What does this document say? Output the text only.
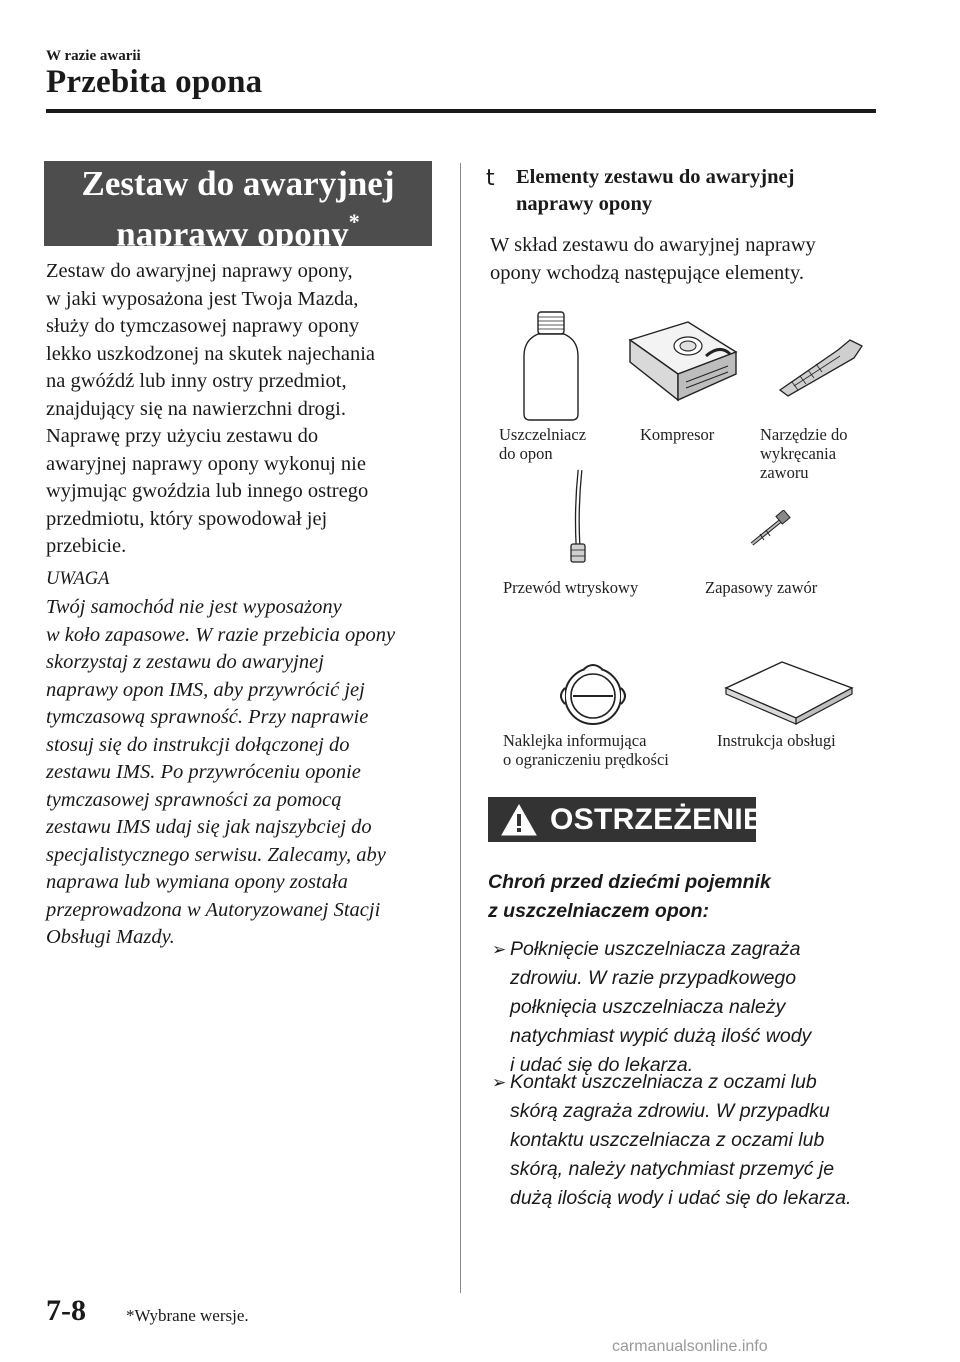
W razie awarii
Przebita opona
Zestaw do awaryjnej
naprawy opony*
Zestaw do awaryjnej naprawy opony,
w jaki wyposażona jest Twoja Mazda,
służy do tymczasowej naprawy opony
lekko uszkodzonej na skutek najechania
na gwóźdź lub inny ostry przedmiot,
znajdujący się na nawierzchni drogi.
Naprawę przy użyciu zestawu do
awaryjnej naprawy opony wykonuj nie
wyjmując gwoździa lub innego ostrego
przedmiotu, który spowodował jej
przebicie.
UWAGA
Twój samochód nie jest wyposażony
w koło zapasowe. W razie przebicia opony
skorzystaj z zestawu do awaryjnej
naprawy opon IMS, aby przywrócić jej
tymczasową sprawność. Przy naprawie
stosuj się do instrukcji dołączonej do
zestawu IMS. Po przywróceniu oponie
tymczasowej sprawności za pomocą
zestawu IMS udaj się jak najszybciej do
specjalistycznego serwisu. Zalecamy, aby
naprawa lub wymiana opony została
przeprowadzona w Autoryzowanej Stacji
Obsługi Mazdy.
t Elementy zestawu do awaryjnej
naprawy opony
W skład zestawu do awaryjnej naprawy
opony wchodzą następujące elementy.
Uszczelniacz
do opon
Kompresor	Narzędzie do
wykręcania
zaworu
Przewód wtryskowy	Zapasowy zawór
Naklejka informująca
o ograniczeniu prędkości
Instrukcja obsługi
OSTRZEŻENIE
Chroń przed dziećmi pojemnik
z uszczelniaczem opon:
➢ Połknięcie uszczelniacza zagraża
zdrowiu. W razie przypadkowego
połknięcia uszczelniacza należy
natychmiast wypić dużą ilość wody
i udać się do lekarza.
➢ Kontakt uszczelniacza z oczami lub
skórą zagraża zdrowiu. W przypadku
kontaktu uszczelniacza z oczami lub
skórą, należy natychmiast przemyć je
dużą ilością wody i udać się do lekarza.
7-8 *Wybrane wersje.
carmanualsonline.info
